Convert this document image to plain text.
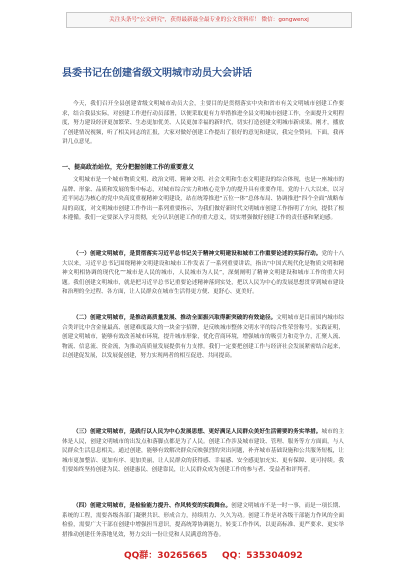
关注头条号"公文研究"，获得最新最全最专业的公文资料库！ 微信：gongwenxj
县委书记在创建省级文明城市动员大会讲话

今天，我们召开全县创建省级文明城市动员大会，主要目的是贯彻落实中央和省市有关文明城市创建工作要求，结合我县实际，对创建工作进行动员部署，以便采取更有力举措推进全县文明城市创建工作，全面提升文明程度，努力建设经济更加繁荣、生态更加优美、人民更加幸福的新时代，切实打造创建文明城市新成果。刚才，播放了创建情况视频，听了相关同志的汇报，大家对做好创建工作提出了很好的意见和建议，我完全赞同。下面，我再讲几点意见。

一、提高政治站位，充分把握创建工作的重要意义

文明城市是一个城市物质文明、政治文明、精神文明、社会文明和生态文明建设的综合体现，也是一座城市的品牌、形象、品质和发展的集中标志，对城市综合实力和核心竞争力的提升具有重要作用。党的十八大以来，以习近平同志为核心的党中央高度重视精神文明建设，站在统筹推进“五位一体”总体布局、协调推进“四个全面”战略布局的高度，对文明城市创建工作作出一系列重要指示，为我们做好新时代文明城市创建工作指明了方向，提供了根本遵循。我们一定要深入学习贯彻，充分认识创建工作的重大意义，切实增强做好创建工作的责任感和紧迫感。

（一）创建文明城市，是贯彻落实习近平总书记关于精神文明建设和城市工作重要论述的实际行动。党的十八大以来，习近平总书记围绕精神文明建设和城市工作发表了一系列重要讲话，指出“中国式现代化是物质文明和精神文明相协调的现代化”“城市是人民的城市，人民城市为人民”，深刻阐明了精神文明建设和城市工作的重大问题。我们创建文明城市，就是把习近平总书记重要论述精神落到实处，把以人民为中心的发展思想贯穿到城市建设和治理的全过程、各方面，让人民群众在城市生活得更方便、更舒心、更美好。

（二）创建文明城市，是推动高质量发展、推动全面振兴取得新突破的有效途径。文明城市是目前国内城市综合类评比中含金量最高、创建难度最大的一块金字招牌，是反映城市整体文明水平的综合性荣誉称号。实践证明，创建文明城市，能够有效改善城市环境，提升城市形象，优化营商环境，增强城市的吸引力和竞争力，汇聚人流、物流、信息流、资金流，为推动高质量发展提供有力支撑。我们一定要把创建工作与经济社会发展紧密结合起来，以创建促发展，以发展促创建，努力实现两者的相互促进、共同提高。

（三）创建文明城市，是践行以人民为中心发展思想、更好满足人民群众美好生活需要的务实举措。城市的主体是人民，创建文明城市的出发点和落脚点都是为了人民。创建工作涉及城市建设、管理、服务等方方面面，与人民群众生活息息相关。通过创建，能够有效解决群众反映强烈的突出问题，补齐城市基础设施和公共服务短板，让城市更加整洁、更加有序、更加美丽，让人民群众的获得感、幸福感、安全感更加充实、更有保障、更可持续。我们要始终坚持创建为民、创建惠民、创建靠民，让人民群众成为创建工作的参与者、受益者和评判者。

（四）创建文明城市，是检验能力提升、作风转变的实践舞台。创建文明城市不是一时一事，而是一项长期、系统的工程，需要各级各部门凝聚共识、形成合力，持续用力、久久为功。创建工作是对各级干部能力作风的全面检验，需要广大干部在创建中增强担当意识，提高统筹协调能力，转变工作作风，以更高标准、更严要求、更实举措推动创建任务落地见效，努力交出一份让党和人民满意的答卷。

QQ群：30265665 QQ：535304092
